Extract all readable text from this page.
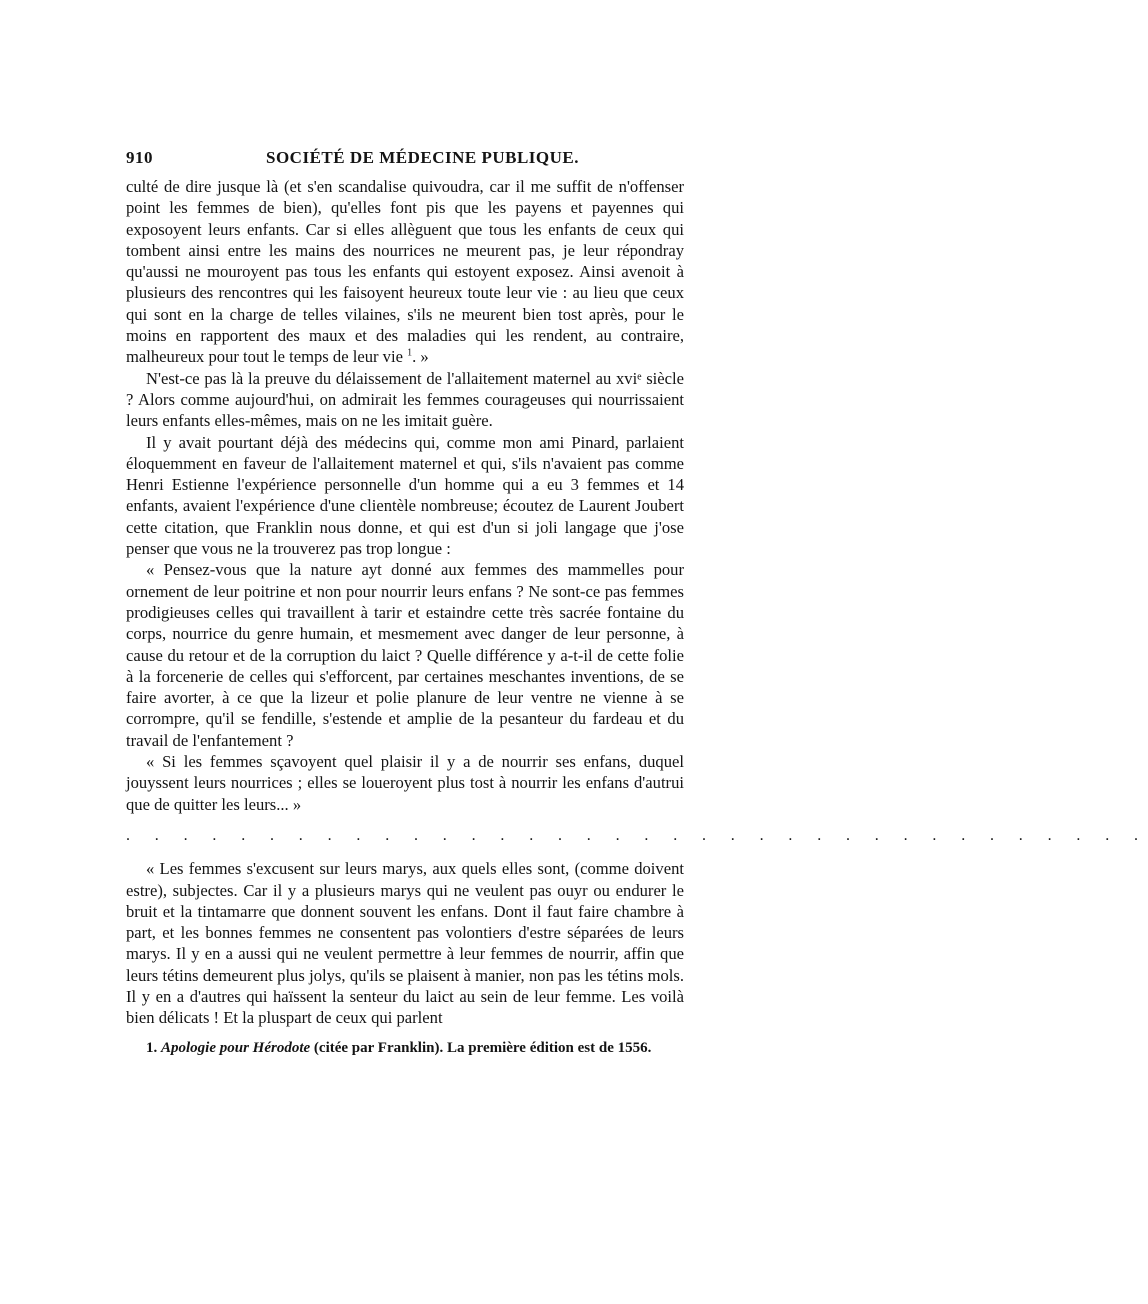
910	SOCIÉTÉ DE MÉDECINE PUBLIQUE.

culté de dire jusque là (et s'en scandalise quivoudra, car il me suffit de n'offenser point les femmes de bien), qu'elles font pis que les payens et payennes qui exposoyent leurs enfants. Car si elles allèguent que tous les enfants de ceux qui tombent ainsi entre les mains des nourrices ne meurent pas, je leur répondray qu'aussi ne mouroyent pas tous les enfants qui estoyent exposez. Ainsi avenoit à plusieurs des rencontres qui les faisoyent heureux toute leur vie : au lieu que ceux qui sont en la charge de telles vilaines, s'ils ne meurent bien tost après, pour le moins en rapportent des maux et des maladies qui les rendent, au contraire, malheureux pour tout le temps de leur vie $^1$. »

N'est-ce pas là la preuve du délaissement de l'allaitement maternel au xviᵉ siècle ? Alors comme aujourd'hui, on admirait les femmes courageuses qui nourrissaient leurs enfants elles-mêmes, mais on ne les imitait guère.

Il y avait pourtant déjà des médecins qui, comme mon ami Pinard, parlaient éloquemment en faveur de l'allaitement maternel et qui, s'ils n'avaient pas comme Henri Estienne l'expérience personnelle d'un homme qui a eu 3 femmes et 14 enfants, avaient l'expérience d'une clientèle nombreuse; écoutez de Laurent Joubert cette citation, que Franklin nous donne, et qui est d'un si joli langage que j'ose penser que vous ne la trouverez pas trop longue :

« Pensez-vous que la nature ayt donné aux femmes des mammelles pour ornement de leur poitrine et non pour nourrir leurs enfans ? Ne sont-ce pas femmes prodigieuses celles qui travaillent à tarir et estaindre cette très sacrée fontaine du corps, nourrice du genre humain, et mesmement avec danger de leur personne, à cause du retour et de la corruption du laict ? Quelle différence y a-t-il de cette folie à la forcenerie de celles qui s'efforcent, par certaines meschantes inventions, de se faire avorter, à ce que la lizeur et polie planure de leur ventre ne vienne à se corrompre, qu'il se fendille, s'estende et amplie de la pesanteur du fardeau et du travail de l'enfantement ?

« Si les femmes sçavoyent quel plaisir il y a de nourrir ses enfans, duquel jouyssent leurs nourrices ; elles se loueroyent plus tost à nourrir les enfans d'autrui que de quitter les leurs... »

. . . . . . . . . . . . . . . . . . . . . . . . . . . . . . . . . . . .

« Les femmes s'excusent sur leurs marys, aux quels elles sont, (comme doivent estre), subjectes. Car il y a plusieurs marys qui ne veulent pas ouyr ou endurer le bruit et la tintamarre que donnent souvent les enfans. Dont il faut faire chambre à part, et les bonnes femmes ne consentent pas volontiers d'estre séparées de leurs marys. Il y en a aussi qui ne veulent permettre à leur femmes de nourrir, affin que leurs tétins demeurent plus jolys, qu'ils se plaisent à manier, non pas les tétins mols. Il y en a d'autres qui haïssent la senteur du laict au sein de leur femme. Les voilà bien délicats ! Et la pluspart de ceux qui parlent

1. Apologie pour Hérodote (citée par Franklin). La première édition est de 1556.
